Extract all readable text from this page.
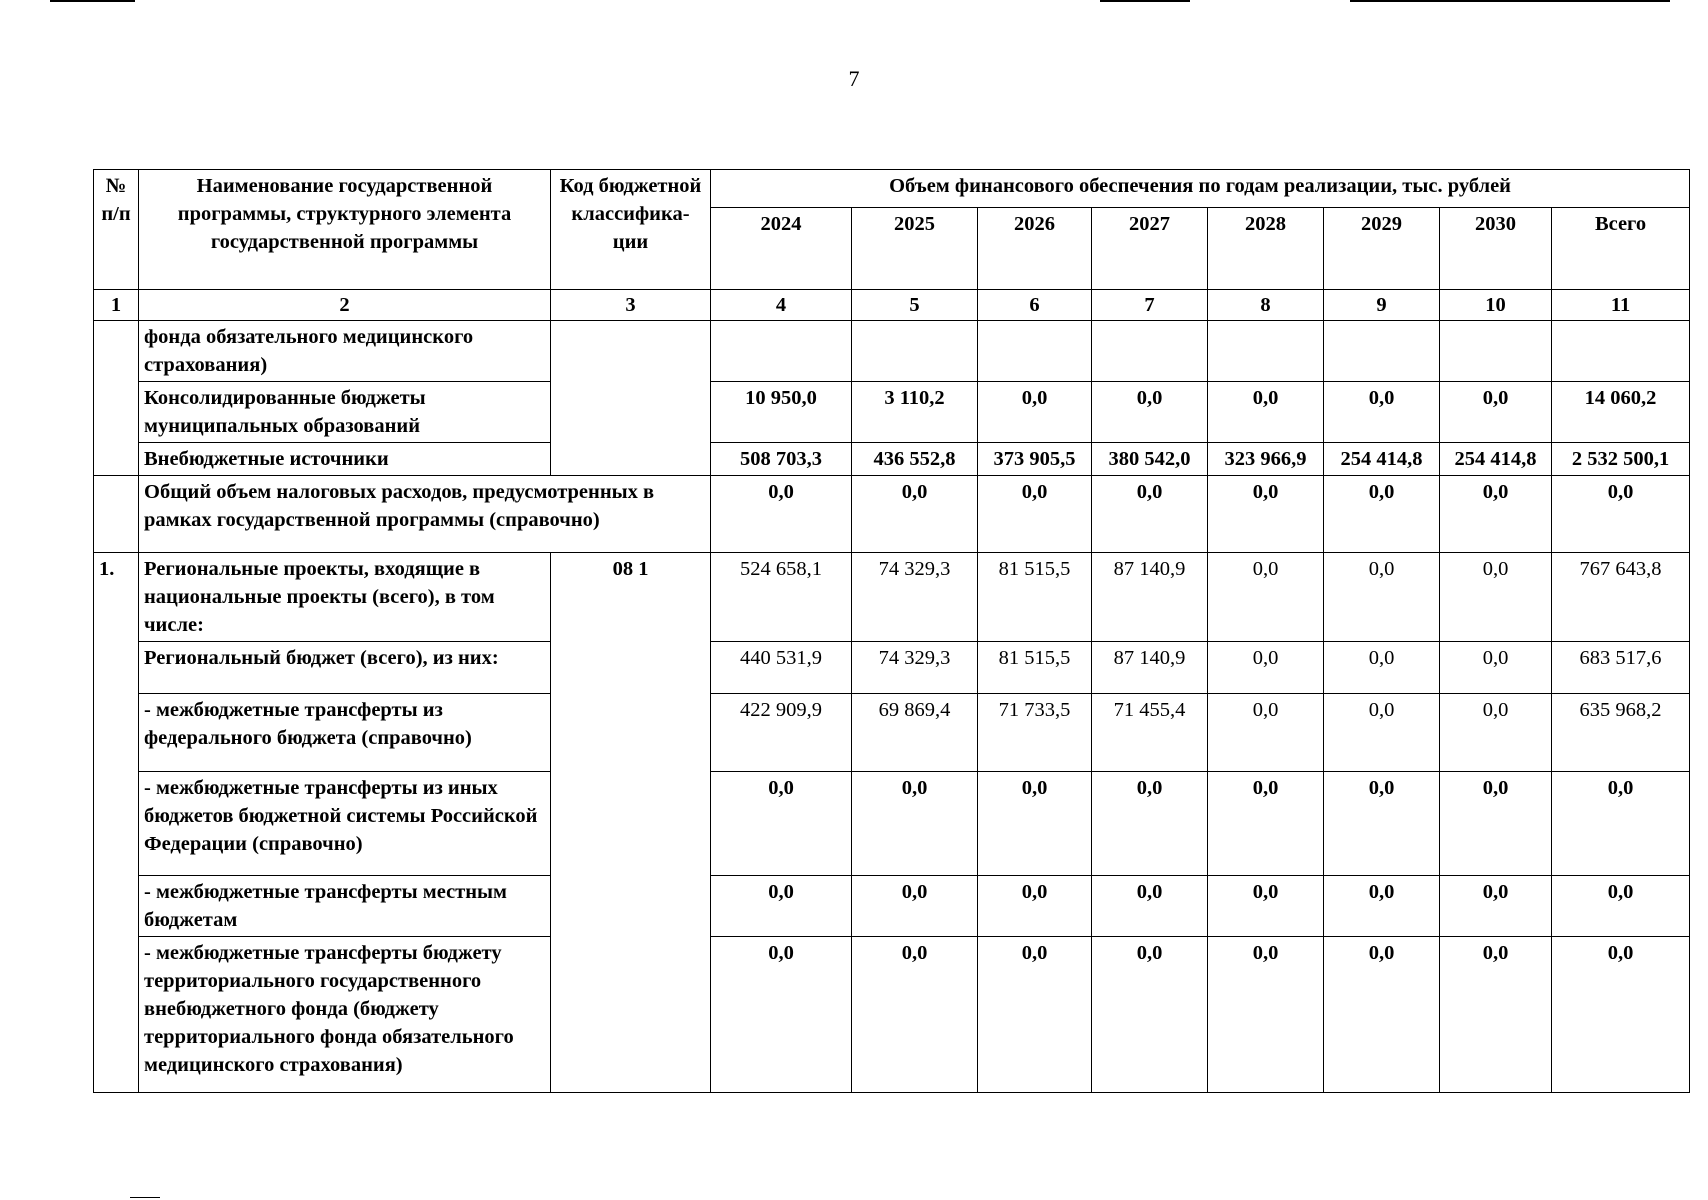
7
№ п/п	Наименование государственной программы, структурного элемента государственной программы	Код бюджетной классифика-ции	Объем финансового обеспечения по годам реализации, тыс. рублей							
			2024	2025	2026	2027	2028	2029	2030	Всего
1	2	3	4	5	6	7	8	9	10	11
	фонда обязательного медицинского страхования)									
	Консолидированные бюджеты муниципальных образований		10 950,0	3 110,2	0,0	0,0	0,0	0,0	0,0	14 060,2
	Внебюджетные источники		508 703,3	436 552,8	373 905,5	380 542,0	323 966,9	254 414,8	254 414,8	2 532 500,1
	Общий объем налоговых расходов, предусмотренных в рамках государственной программы (справочно)		0,0	0,0	0,0	0,0	0,0	0,0	0,0	0,0
1.	Региональные проекты, входящие в национальные проекты (всего), в том числе:	08 1	524 658,1	74 329,3	81 515,5	87 140,9	0,0	0,0	0,0	767 643,8
	Региональный бюджет (всего), из них:		440 531,9	74 329,3	81 515,5	87 140,9	0,0	0,0	0,0	683 517,6
	- межбюджетные трансферты из федерального бюджета (справочно)		422 909,9	69 869,4	71 733,5	71 455,4	0,0	0,0	0,0	635 968,2
	- межбюджетные трансферты из иных бюджетов бюджетной системы Российской Федерации (справочно)		0,0	0,0	0,0	0,0	0,0	0,0	0,0	0,0
	- межбюджетные трансферты местным бюджетам		0,0	0,0	0,0	0,0	0,0	0,0	0,0	0,0
	- межбюджетные трансферты бюджету территориального государственного внебюджетного фонда (бюджету территориального фонда обязательного медицинского страхования)		0,0	0,0	0,0	0,0	0,0	0,0	0,0	0,0
